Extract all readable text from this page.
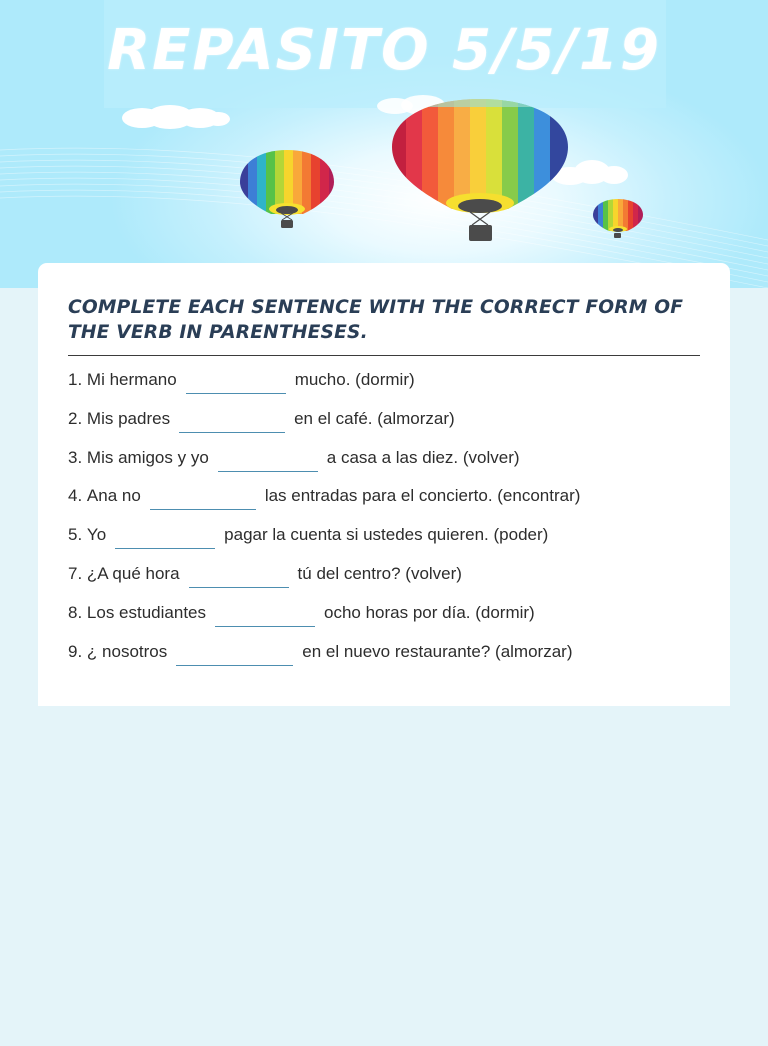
REPASITO 5/5/19
COMPLETE EACH SENTENCE WITH THE CORRECT FORM OF THE VERB IN PARENTHESES.
1.
Mi hermano	mucho. (dormir)
2.
Mis padres	en el café. (almorzar)
3.
Mis amigos y yo	a casa a las diez. (volver)
4.
Ana no	las entradas para el concierto. (encontrar)
5.
Yo	pagar la cuenta si ustedes quieren. (poder)
7.
¿A qué hora	tú del centro? (volver)
8.
Los estudiantes	ocho horas por día. (dormir)
9.
¿ nosotros	en el nuevo restaurante? (almorzar)
